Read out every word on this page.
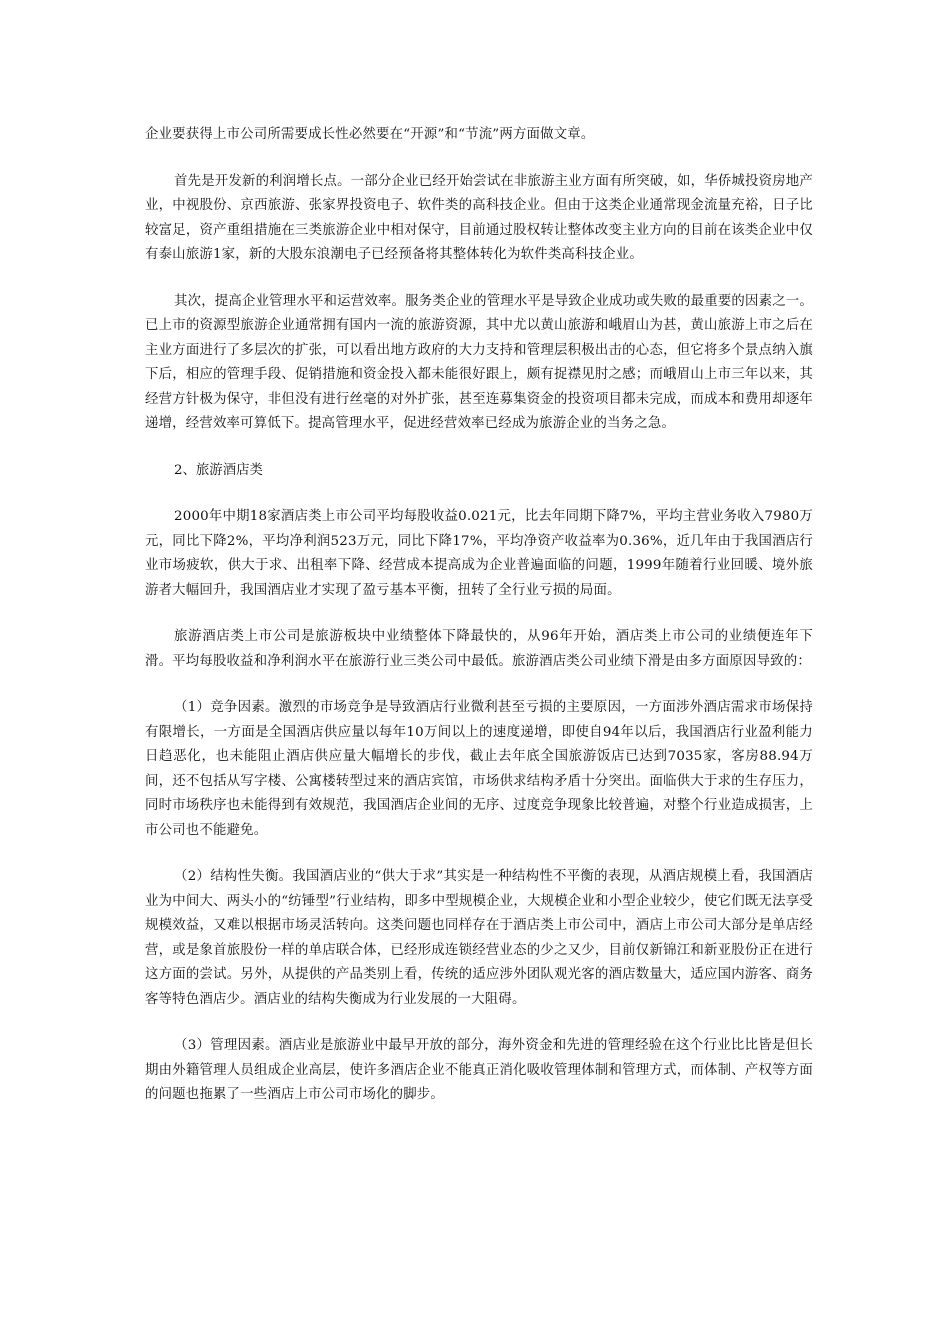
企业要获得上市公司所需要成长性必然要在“开源”和“节流”两方面做文章。

首先是开发新的利润增长点。一部分企业已经开始尝试在非旅游主业方面有所突破，如，华侨城投资房地产业，中视股份、京西旅游、张家界投资电子、软件类的高科技企业。但由于这类企业通常现金流量充裕，日子比较富足，资产重组措施在三类旅游企业中相对保守，目前通过股权转让整体改变主业方向的目前在该类企业中仅有泰山旅游1家，新的大股东浪潮电子已经预备将其整体转化为软件类高科技企业。

其次，提高企业管理水平和运营效率。服务类企业的管理水平是导致企业成功或失败的最重要的因素之一。已上市的资源型旅游企业通常拥有国内一流的旅游资源，其中尤以黄山旅游和峨眉山为甚，黄山旅游上市之后在主业方面进行了多层次的扩张，可以看出地方政府的大力支持和管理层积极出击的心态，但它将多个景点纳入旗下后，相应的管理手段、促销措施和资金投入都未能很好跟上，颇有捉襟见肘之感；而峨眉山上市三年以来，其经营方针极为保守，非但没有进行丝毫的对外扩张，甚至连募集资金的投资项目都未完成，而成本和费用却逐年递增，经营效率可算低下。提高管理水平，促进经营效率已经成为旅游企业的当务之急。

2、旅游酒店类

2000年中期18家酒店类上市公司平均每股收益0.021元，比去年同期下降7%，平均主营业务收入7980万元，同比下降2%，平均净利润523万元，同比下降17%，平均净资产收益率为0.36%，近几年由于我国酒店行业市场疲软，供大于求、出租率下降、经营成本提高成为企业普遍面临的问题，1999年随着行业回暖、境外旅游者大幅回升，我国酒店业才实现了盈亏基本平衡，扭转了全行业亏损的局面。

旅游酒店类上市公司是旅游板块中业绩整体下降最快的，从96年开始，酒店类上市公司的业绩便连年下滑。平均每股收益和净利润水平在旅游行业三类公司中最低。旅游酒店类公司业绩下滑是由多方面原因导致的：

（1）竞争因素。激烈的市场竞争是导致酒店行业微利甚至亏损的主要原因，一方面涉外酒店需求市场保持有限增长，一方面是全国酒店供应量以每年10万间以上的速度递增，即使自94年以后，我国酒店行业盈利能力日趋恶化，也未能阻止酒店供应量大幅增长的步伐，截止去年底全国旅游饭店已达到7035家，客房88.94万间，还不包括从写字楼、公寓楼转型过来的酒店宾馆，市场供求结构矛盾十分突出。面临供大于求的生存压力，同时市场秩序也未能得到有效规范，我国酒店企业间的无序、过度竞争现象比较普遍，对整个行业造成损害，上市公司也不能避免。

（2）结构性失衡。我国酒店业的“供大于求”其实是一种结构性不平衡的表现，从酒店规模上看，我国酒店业为中间大、两头小的“纺锤型”行业结构，即多中型规模企业，大规模企业和小型企业较少，使它们既无法享受规模效益，又难以根据市场灵活转向。这类问题也同样存在于酒店类上市公司中，酒店上市公司大部分是单店经营，或是象首旅股份一样的单店联合体，已经形成连锁经营业态的少之又少，目前仅新锦江和新亚股份正在进行这方面的尝试。另外，从提供的产品类别上看，传统的适应涉外团队观光客的酒店数量大，适应国内游客、商务客等特色酒店少。酒店业的结构失衡成为行业发展的一大阻碍。

（3）管理因素。酒店业是旅游业中最早开放的部分，海外资金和先进的管理经验在这个行业比比皆是但长期由外籍管理人员组成企业高层，使许多酒店企业不能真正消化吸收管理体制和管理方式，而体制、产权等方面的问题也拖累了一些酒店上市公司市场化的脚步。
